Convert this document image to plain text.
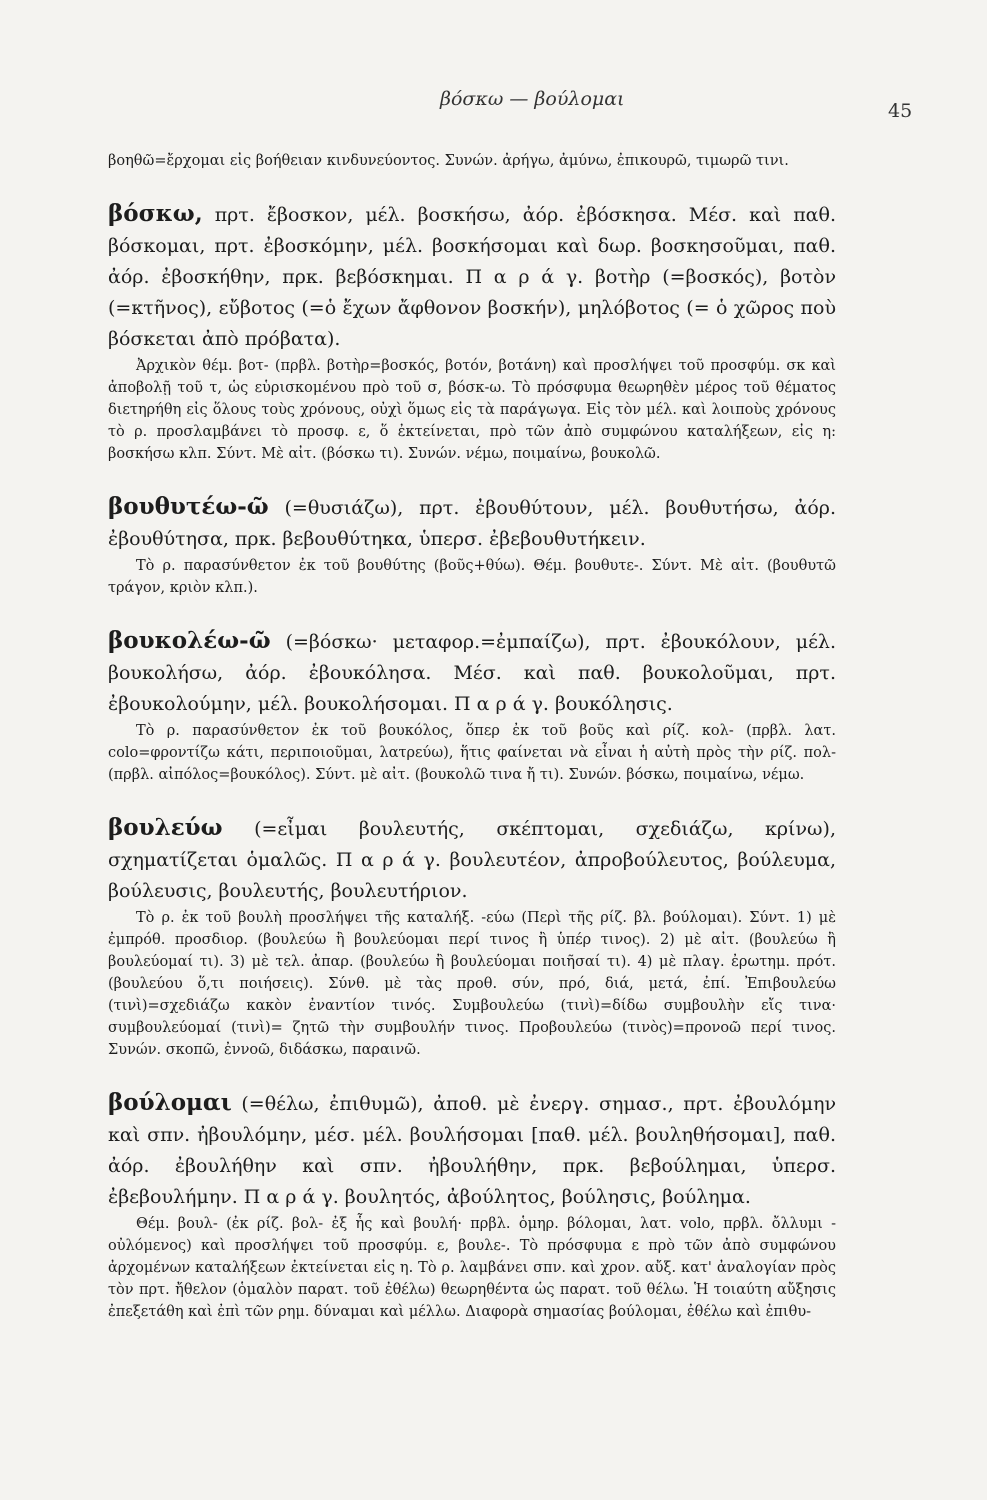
βόσκω — βούλομαι
45

βοηθῶ=ἔρχομαι εἰς βοήθειαν κινδυνεύοντος. Συνών. ἀρήγω, ἀμύνω, ἐπικουρῶ, τιμωρῶ τινι.

βόσκω, πρτ. ἔβοσκον, μέλ. βοσκήσω, ἀόρ. ἐβόσκησα. Μέσ. καὶ παθ. βόσκομαι, πρτ. ἐβοσκόμην, μέλ. βοσκήσομαι καὶ δωρ. βοσκησοῦμαι, παθ. ἀόρ. ἐβοσκήθην, πρκ. βεβόσκημαι. Π α ρ ά γ. βοτὴρ (=βοσκός), βοτὸν (=κτῆνος), εὔβοτος (=ὁ ἔχων ἄφθονον βοσκήν), μηλόβοτος (= ὁ χῶρος ποὺ βόσκεται ἀπὸ πρόβατα).

Ἀρχικὸν θέμ. βοτ- (πρβλ. βοτὴρ=βοσκός, βοτόν, βοτάνη) καὶ προσλήψει τοῦ προσφύμ. σκ καὶ ἀποβολῇ τοῦ τ, ὡς εὑρισκομένου πρὸ τοῦ σ, βόσκ-ω. Τὸ πρόσφυμα θεωρηθὲν μέρος τοῦ θέματος διετηρήθη εἰς ὅλους τοὺς χρόνους, οὐχὶ ὅμως εἰς τὰ παράγωγα. Εἰς τὸν μέλ. καὶ λοιποὺς χρόνους τὸ ρ. προσλαμβάνει τὸ προσφ. ε, ὅ ἐκτείνεται, πρὸ τῶν ἀπὸ συμφώνου καταλήξεων, εἰς η: βοσκήσω κλπ. Σύντ. Μὲ αἰτ. (βόσκω τι). Συνών. νέμω, ποιμαίνω, βουκολῶ.

βουθυτέω-ῶ (=θυσιάζω), πρτ. ἐβουθύτουν, μέλ. βουθυτήσω, ἀόρ. ἐβουθύτησα, πρκ. βεβουθύτηκα, ὑπερσ. ἐβεβουθυτήκειν.

Τὸ ρ. παρασύνθετον ἐκ τοῦ βουθύτης (βοῦς+θύω). Θέμ. βουθυτε-. Σύντ. Μὲ αἰτ. (βουθυτῶ τράγον, κριὸν κλπ.).

βουκολέω-ῶ (=βόσκω· μεταφορ.=ἐμπαίζω), πρτ. ἐβουκόλουν, μέλ. βουκολήσω, ἀόρ. ἐβουκόλησα. Μέσ. καὶ παθ. βουκολοῦμαι, πρτ. ἐβουκολούμην, μέλ. βουκολήσομαι. Π α ρ ά γ. βουκόλησις.

Τὸ ρ. παρασύνθετον ἐκ τοῦ βουκόλος, ὅπερ ἐκ τοῦ βοῦς καὶ ρίζ. κολ- (πρβλ. λατ. colo=φροντίζω κάτι, περιποιοῦμαι, λατρεύω), ἥτις φαίνεται νὰ εἶναι ἡ αὐτὴ πρὸς τὴν ρίζ. πολ- (πρβλ. αἰπόλος=βουκόλος). Σύντ. μὲ αἰτ. (βουκολῶ τινα ἤ τι). Συνών. βόσκω, ποιμαίνω, νέμω.

βουλεύω (=εἶμαι βουλευτής, σκέπτομαι, σχεδιάζω, κρίνω), σχηματίζεται ὁμαλῶς. Π α ρ ά γ. βουλευτέον, ἀπροβούλευτος, βούλευμα, βούλευσις, βουλευτής, βουλευτήριον.

Τὸ ρ. ἐκ τοῦ βουλὴ προσλήψει τῆς καταλήξ. -εύω (Περὶ τῆς ρίζ. βλ. βούλομαι). Σύντ. 1) μὲ ἐμπρόθ. προσδιορ. (βουλεύω ἢ βουλεύομαι περί τινος ἢ ὑπέρ τινος). 2) μὲ αἰτ. (βουλεύω ἢ βουλεύομαί τι). 3) μὲ τελ. ἀπαρ. (βουλεύω ἢ βουλεύομαι ποιῆσαί τι). 4) μὲ πλαγ. ἐρωτημ. πρότ. (βουλεύου ὅ,τι ποιήσεις). Σύνθ. μὲ τὰς προθ. σύν, πρό, διά, μετά, ἐπί. Ἐπιβουλεύω (τινὶ)=σχεδιάζω κακὸν ἐναντίον τινός. Συμβουλεύω (τινὶ)=δίδω συμβουλὴν εἴς τινα· συμβουλεύομαί (τινὶ)= ζητῶ τὴν συμβουλήν τινος. Προβουλεύω (τινὸς)=προνοῶ περί τινος. Συνών. σκοπῶ, ἐννοῶ, διδάσκω, παραινῶ.

βούλομαι (=θέλω, ἐπιθυμῶ), ἀποθ. μὲ ἐνεργ. σημασ., πρτ. ἐβουλόμην καὶ σπν. ἠβουλόμην, μέσ. μέλ. βουλήσομαι [παθ. μέλ. βουληθήσομαι], παθ. ἀόρ. ἐβουλήθην καὶ σπν. ἠβουλήθην, πρκ. βεβούλημαι, ὑπερσ. ἐβεβουλήμην. Π α ρ ά γ. βουλητός, ἀβούλητος, βούλησις, βούλημα.

Θέμ. βουλ- (ἐκ ρίζ. βολ- ἐξ ἧς καὶ βουλή· πρβλ. ὁμηρ. βόλομαι, λατ. volo, πρβλ. ὄλλυμι - οὐλόμενος) καὶ προσλήψει τοῦ προσφύμ. ε, βουλε-. Τὸ πρόσφυμα ε πρὸ τῶν ἀπὸ συμφώνου ἀρχομένων καταλήξεων ἐκτείνεται εἰς η. Τὸ ρ. λαμβάνει σπν. καὶ χρον. αὔξ. κατ' ἀναλογίαν πρὸς τὸν πρτ. ἤθελον (ὁμαλὸν παρατ. τοῦ ἐθέλω) θεωρηθέντα ὡς παρατ. τοῦ θέλω. Ἡ τοιαύτη αὔξησις ἐπεξετάθη καὶ ἐπὶ τῶν ρημ. δύναμαι καὶ μέλλω. Διαφορὰ σημασίας βούλομαι, ἐθέλω καὶ ἐπιθυ-
